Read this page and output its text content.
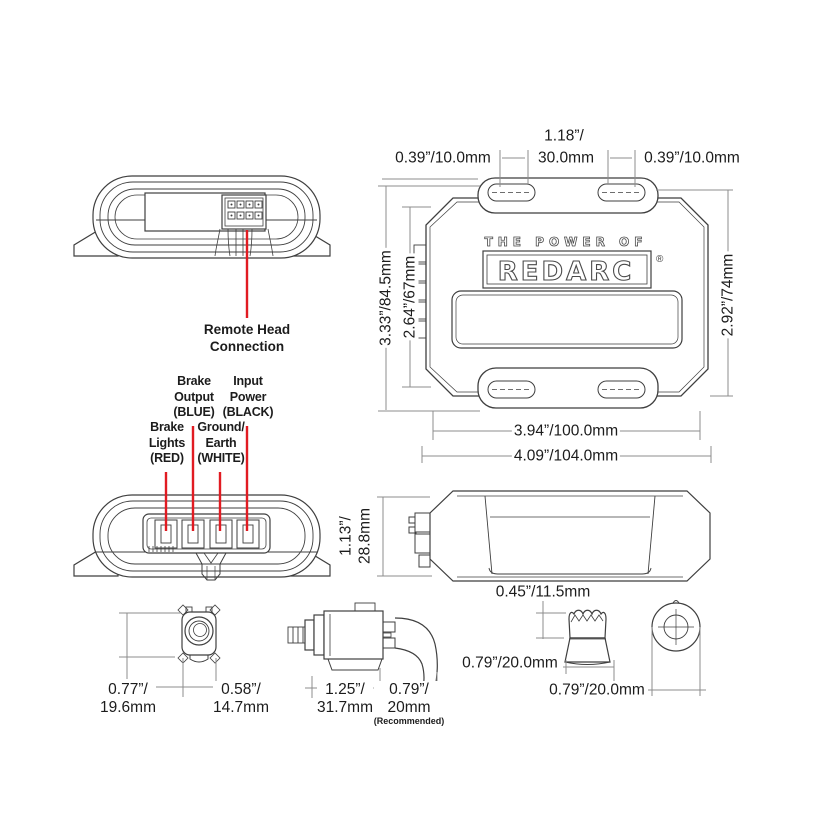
THE POWER OF
REDARC ®
0.39”/10.0mm
1.18”/
30.0mm	0.39”/10.0mm
3.33”/84.5mm 2.64”/67mm	2.92”/74mm
3.94”/100.0mm
4.09”/104.0mm
Remote Head
Connection
Brake
Output
(BLUE)
Input
Power
(BLACK)
Brake
Lights
(RED)
Ground/
Earth
(WHITE)
1.13”/ 28.8mm
0.77”/
19.6mm
0.58”/
14.7mm
1.25”/
31.7mm
0.79”/
20mm
(Recommended)
0.45”/11.5mm
0.79”/20.0mm
0.79”/20.0mm
